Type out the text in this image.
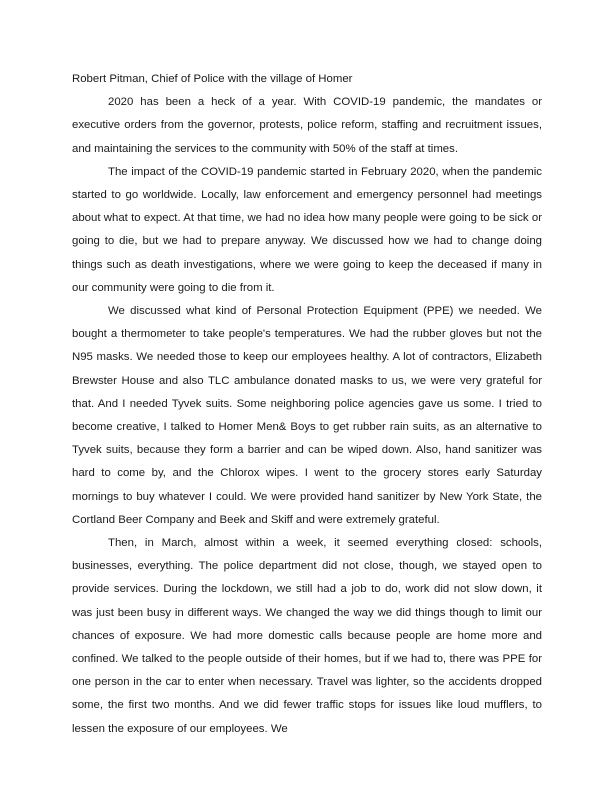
Robert Pitman, Chief of Police with the village of Homer

2020 has been a heck of a year. With COVID-19 pandemic, the mandates or executive orders from the governor, protests, police reform, staffing and recruitment issues, and maintaining the services to the community with 50% of the staff at times.

The impact of the COVID-19 pandemic started in February 2020, when the pandemic started to go worldwide. Locally, law enforcement and emergency personnel had meetings about what to expect. At that time, we had no idea how many people were going to be sick or going to die, but we had to prepare anyway. We discussed how we had to change doing things such as death investigations, where we were going to keep the deceased if many in our community were going to die from it.

We discussed what kind of Personal Protection Equipment (PPE) we needed. We bought a thermometer to take people's temperatures. We had the rubber gloves but not the N95 masks. We needed those to keep our employees healthy. A lot of contractors, Elizabeth Brewster House and also TLC ambulance donated masks to us, we were very grateful for that. And I needed Tyvek suits. Some neighboring police agencies gave us some. I tried to become creative, I talked to Homer Men& Boys to get rubber rain suits, as an alternative to Tyvek suits, because they form a barrier and can be wiped down. Also, hand sanitizer was hard to come by, and the Chlorox wipes. I went to the grocery stores early Saturday mornings to buy whatever I could. We were provided hand sanitizer by New York State, the Cortland Beer Company and Beek and Skiff and were extremely grateful.

Then, in March, almost within a week, it seemed everything closed: schools, businesses, everything. The police department did not close, though, we stayed open to provide services. During the lockdown, we still had a job to do, work did not slow down, it was just been busy in different ways. We changed the way we did things though to limit our chances of exposure. We had more domestic calls because people are home more and confined. We talked to the people outside of their homes, but if we had to, there was PPE for one person in the car to enter when necessary. Travel was lighter, so the accidents dropped some, the first two months. And we did fewer traffic stops for issues like loud mufflers, to lessen the exposure of our employees. We
